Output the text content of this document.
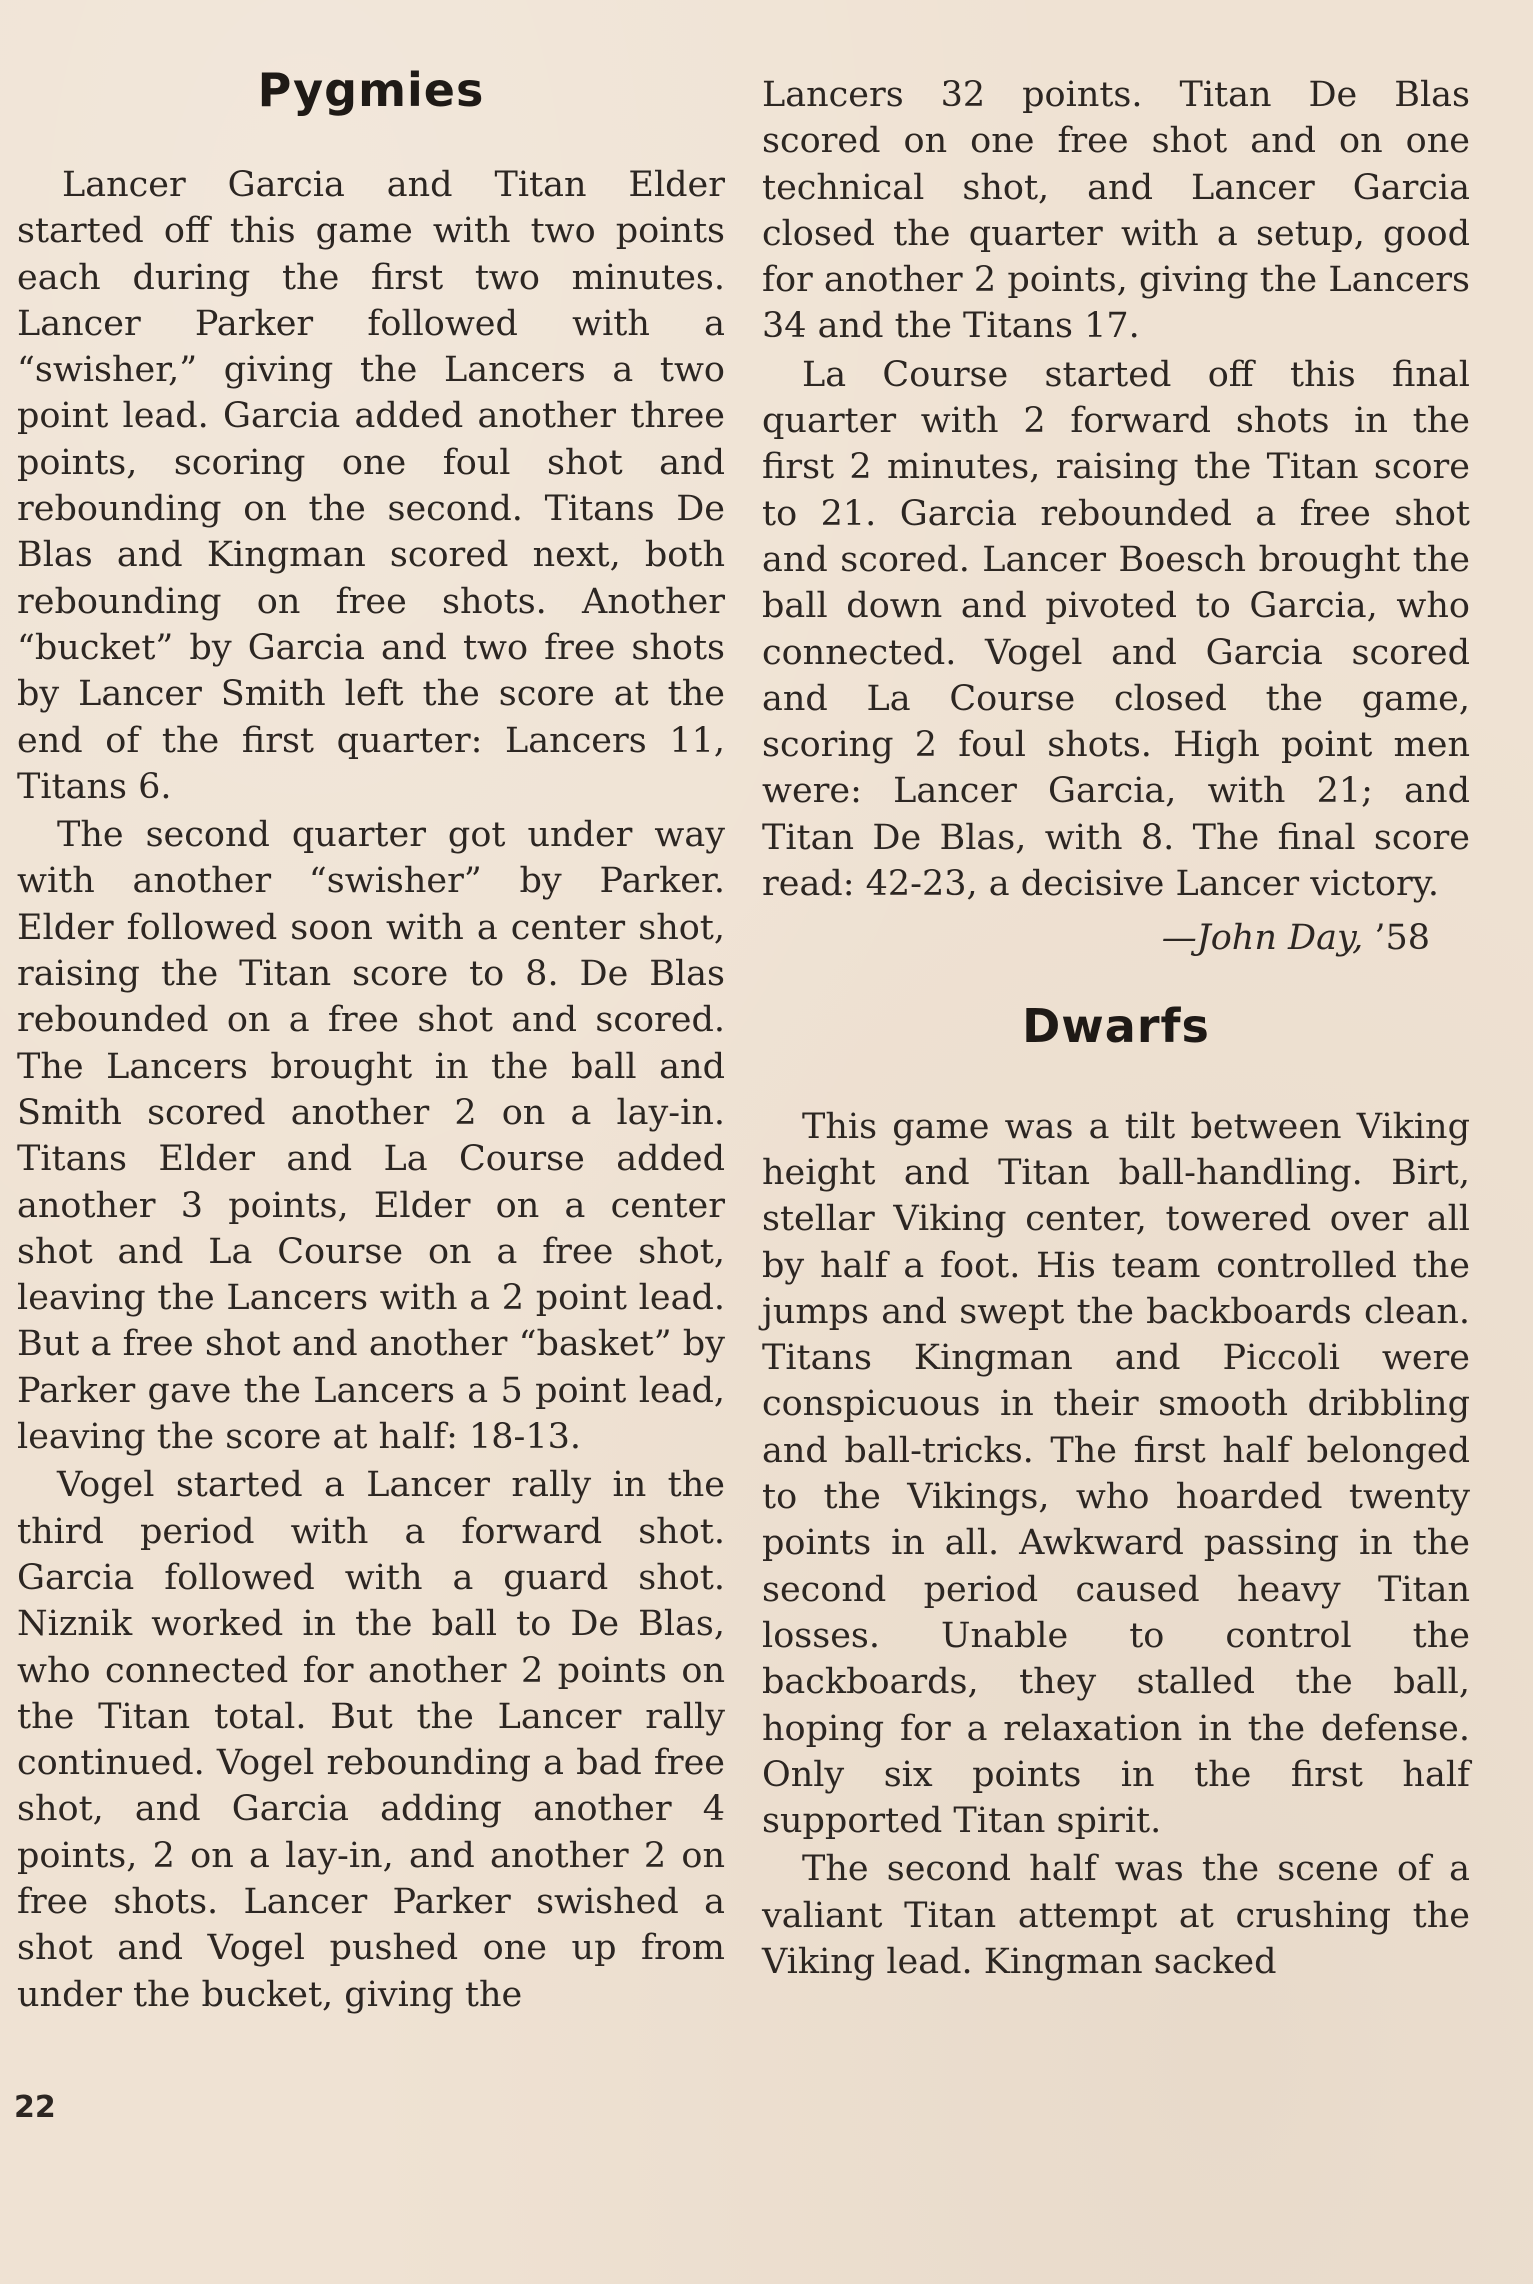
Pygmies

Lancer Garcia and Titan Elder started off this game with two points each during the first two minutes. Lancer Parker followed with a “swisher,” giving the Lancers a two point lead. Garcia added another three points, scoring one foul shot and rebounding on the second. Titans De Blas and Kingman scored next, both rebounding on free shots. Another “bucket” by Garcia and two free shots by Lancer Smith left the score at the end of the first quarter: Lancers 11, Titans 6.

The second quarter got under way with another “swisher” by Parker. Elder followed soon with a center shot, raising the Titan score to 8. De Blas rebounded on a free shot and scored. The Lancers brought in the ball and Smith scored another 2 on a lay-in. Titans Elder and La Course added another 3 points, Elder on a center shot and La Course on a free shot, leaving the Lancers with a 2 point lead. But a free shot and another “basket” by Parker gave the Lancers a 5 point lead, leaving the score at half: 18-13.

Vogel started a Lancer rally in the third period with a forward shot. Garcia followed with a guard shot. Niznik worked in the ball to De Blas, who connected for another 2 points on the Titan total. But the Lancer rally continued. Vogel rebounding a bad free shot, and Garcia adding another 4 points, 2 on a lay-in, and another 2 on free shots. Lancer Parker swished a shot and Vogel pushed one up from under the bucket, giving the

Lancers 32 points. Titan De Blas scored on one free shot and on one technical shot, and Lancer Garcia closed the quarter with a setup, good for another 2 points, giving the Lancers 34 and the Titans 17.

La Course started off this final quarter with 2 forward shots in the first 2 minutes, raising the Titan score to 21. Garcia rebounded a free shot and scored. Lancer Boesch brought the ball down and pivoted to Garcia, who connected. Vogel and Garcia scored and La Course closed the game, scoring 2 foul shots. High point men were: Lancer Garcia, with 21; and Titan De Blas, with 8. The final score read: 42-23, a decisive Lancer victory.

—John Day, ’58
Dwarfs

This game was a tilt between Viking height and Titan ball-handling. Birt, stellar Viking center, towered over all by half a foot. His team controlled the jumps and swept the backboards clean. Titans Kingman and Piccoli were conspicuous in their smooth dribbling and ball-tricks. The first half belonged to the Vikings, who hoarded twenty points in all. Awkward passing in the second period caused heavy Titan losses. Unable to control the backboards, they stalled the ball, hoping for a relaxation in the defense. Only six points in the first half supported Titan spirit.

The second half was the scene of a valiant Titan attempt at crushing the Viking lead. Kingman sacked

22
